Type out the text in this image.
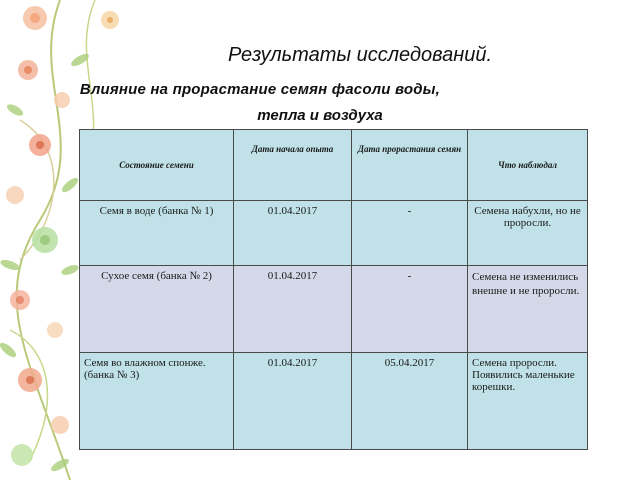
Результаты исследований.
Влияние на прорастание семян фасоли воды,
тепла и воздуха
Состояние семени	Дата начала опыта	Дата прорастания семян	Что наблюдал
Семя в воде (банка № 1)	01.04.2017	-	Семена набухли, но не проросли.
Сухое семя (банка № 2)	01.04.2017	-	Семена не изменились внешне и не проросли.
Семя во влажном спонже. (банка № 3)	01.04.2017	05.04.2017	Семена проросли. Появились маленькие корешки.
